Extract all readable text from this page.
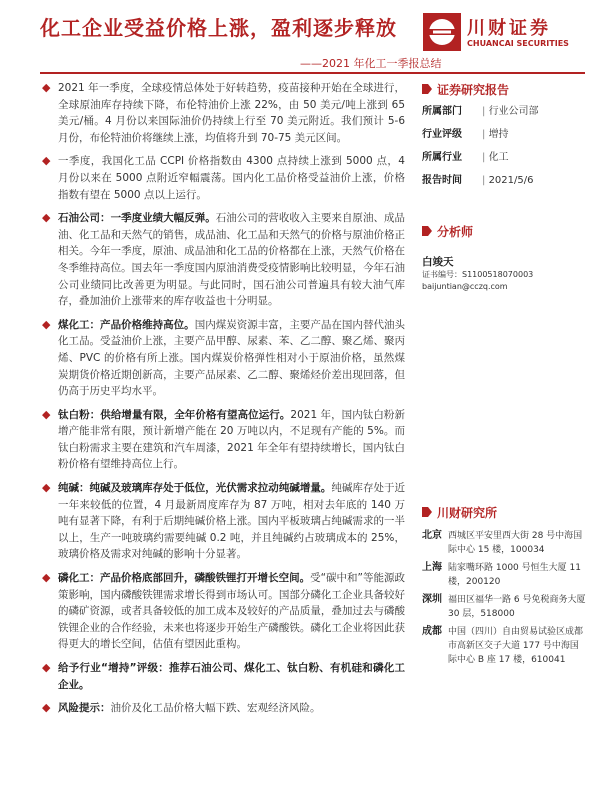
化工企业受益价格上涨，盈利逐步释放
——2021 年化工一季报总结
川财证券
CHUANCAI SECURITIES
◆ 2021 年一季度，全球疫情总体处于好转趋势，疫苗接种开始在全球进行，全球原油库存持续下降，布伦特油价上涨 22%，由 50 美元/吨上涨到 65 美元/桶。4 月份以来国际油价仍持续上行至 70 美元附近。我们预计 5-6 月份，布伦特油价将继续上涨，均值将升到 70-75 美元区间。
◆ 一季度，我国化工品 CCPI 价格指数由 4300 点持续上涨到 5000 点，4 月份以来在 5000 点附近窄幅震荡。国内化工品价格受益油价上涨，价格指数有望在 5000 点以上运行。
◆ 石油公司：一季度业绩大幅反弹。石油公司的营收收入主要来自原油、成品油、化工品和天然气的销售，成品油、化工品和天然气的价格与原油价格正相关。今年一季度，原油、成品油和化工品的价格都在上涨，天然气价格在冬季维持高位。国去年一季度国内原油消费受疫情影响比较明显，今年石油公司业绩同比改善更为明显。与此同时，国石油公司普遍具有较大油气库存，叠加油价上涨带来的库存收益也十分明显。
◆ 煤化工：产品价格维持高位。国内煤炭资源丰富，主要产品在国内替代油头化工品。受益油价上涨，主要产品甲醇、尿素、苯、乙二醇、聚乙烯、聚丙烯、PVC 的价格有所上涨。国内煤炭价格弹性相对小于原油价格，虽然煤炭期货价格近期创新高，主要产品尿素、乙二醇、聚烯烃价差出现回落，但仍高于历史平均水平。
◆ 钛白粉：供给增量有限，全年价格有望高位运行。2021 年，国内钛白粉新增产能非常有限，预计新增产能在 20 万吨以内，不足现有产能的 5%。而钛白粉需求主要在建筑和汽车周漆，2021 年全年有望持续增长，国内钛白粉价格有望维持高位上行。
◆ 纯碱：纯碱及玻璃库存处于低位，光伏需求拉动纯碱增量。纯碱库存处于近一年来较低的位置，4 月最新周度库存为 87 万吨，相对去年底的 140 万吨有显著下降，有利于后期纯碱价格上涨。国内平板玻璃占纯碱需求的一半以上，生产一吨玻璃约需要纯碱 0.2 吨，并且纯碱约占玻璃成本的 25%，玻璃价格及需求对纯碱的影响十分显著。
◆ 磷化工：产品价格底部回升，磷酸铁锂打开增长空间。受“碳中和”等能源政策影响，国内磷酸铁锂需求增长得到市场认可。国部分磷化工企业具备较好的磷矿资源，或者具备较低的加工成本及较好的产品质量，叠加过去与磷酸铁锂企业的合作经验，未来也将逐步开始生产磷酸铁。磷化工企业将因此获得更大的增长空间，估值有望因此重构。
◆ 给予行业“增持”评级：推荐石油公司、煤化工、钛白粉、有机硅和磷化工企业。
◆ 风险提示：油价及化工品价格大幅下跌、宏观经济风险。
证券研究报告
所属部门	| 行业公司部
行业评级	| 增持
所属行业	| 化工
报告时间	| 2021/5/6
分析师
白竣天
证书编号：S1100518070003
baijuntian@cczq.com
川财研究所
北京 西城区平安里西大街 28 号中海国际中心 15 楼，100034
上海 陆家嘴环路 1000 号恒生大厦 11 楼，200120
深圳 福田区福华一路 6 号免税商务大厦 30 层，518000
成都 中国（四川）自由贸易试验区成都市高新区交子大道 177 号中海国际中心 B 座 17 楼，610041
